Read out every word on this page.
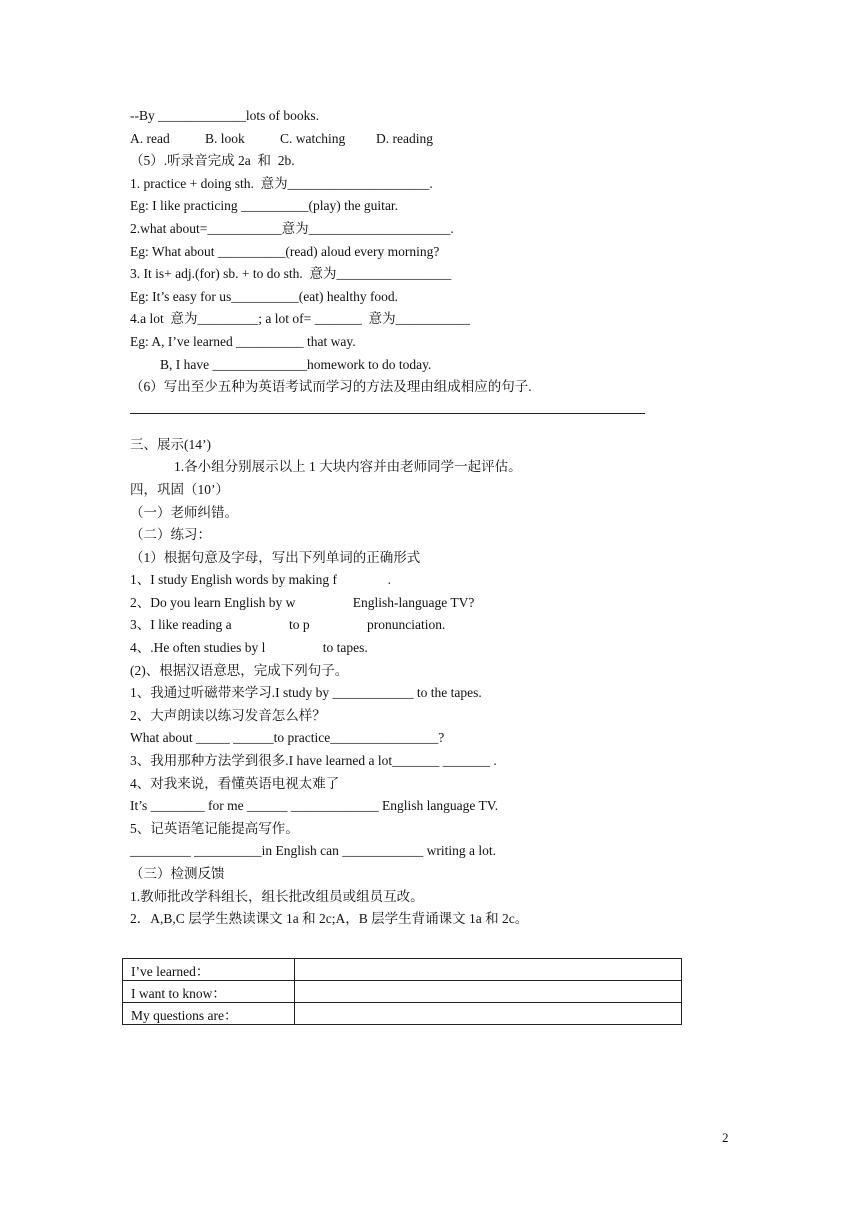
--By _____________lots of books.
A. read	B. look	C. watching D. reading
（5）.听录音完成 2a  和  2b.
1. practice + doing sth.  意为_____________________.
Eg: I like practicing __________(play) the guitar.
2.what about=___________意为_____________________.
Eg: What about __________(read) aloud every morning?
3. It is+ adj.(for) sb. + to do sth.  意为_________________
Eg: It’s easy for us__________(eat) healthy food.
4.a lot  意为_________; a lot of= _______  意为___________
Eg: A, I’ve learned __________ that way.
B, I have ______________homework to do today.
（6）写出至少五种为英语考试而学习的方法及理由组成相应的句子.
三、展示(14’)
1.各小组分别展示以上 1 大块内容并由老师同学一起评估。
四，巩固（10’）
（一）老师纠错。
（二）练习：
（1）根据句意及字母，写出下列单词的正确形式
1、I study English words by making f               .
2、Do you learn English by w                 English-language TV?
3、I like reading a                 to p                 pronunciation.
4、.He often studies by l                 to tapes.
(2)、根据汉语意思，完成下列句子。
1、我通过听磁带来学习.I study by ____________ to the tapes.
2、大声朗读以练习发音怎么样？
What about _____ ______to practice________________?
3、我用那种方法学到很多.I have learned a lot_______ _______ .
4、对我来说，看懂英语电视太难了
It’s ________ for me ______ _____________ English language TV.
5、记英语笔记能提高写作。
_________ __________in English can ____________ writing a lot.
（三）检测反馈
1.教师批改学科组长，组长批改组员或组员互改。
2．A,B,C 层学生熟读课文 1a 和 2c;A，B 层学生背诵课文 1a 和 2c。
I’ve learned：	
I want to know：	
My questions are：	
2
